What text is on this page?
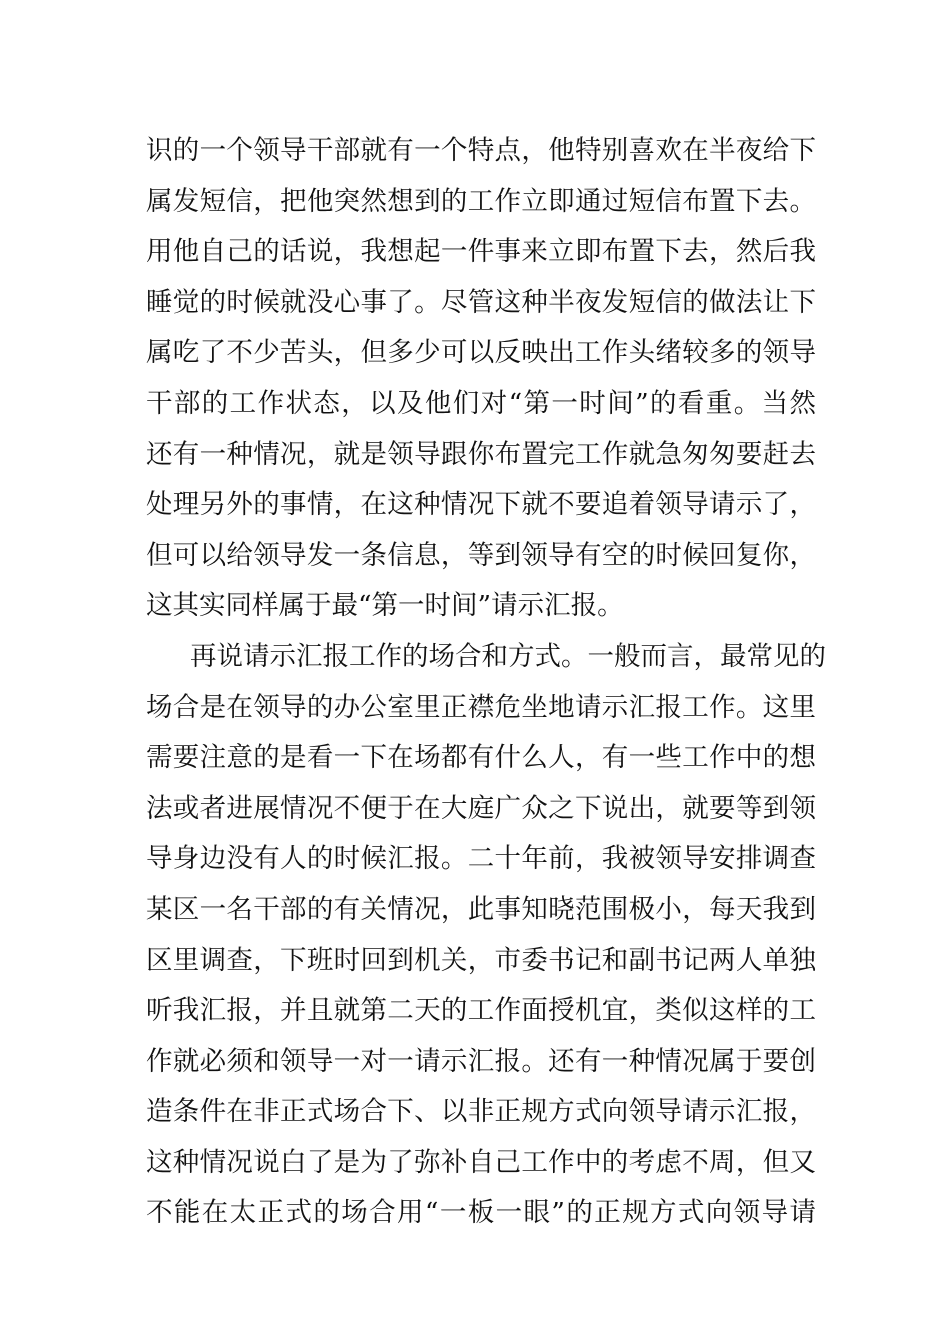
识的一个领导干部就有一个特点，他特别喜欢在半夜给下
属发短信，把他突然想到的工作立即通过短信布置下去。
用他自己的话说，我想起一件事来立即布置下去，然后我
睡觉的时候就没心事了。尽管这种半夜发短信的做法让下
属吃了不少苦头，但多少可以反映出工作头绪较多的领导
干部的工作状态，以及他们对“第一时间”的看重。当然
还有一种情况，就是领导跟你布置完工作就急匆匆要赶去
处理另外的事情，在这种情况下就不要追着领导请示了，
但可以给领导发一条信息，等到领导有空的时候回复你，
这其实同样属于最“第一时间”请示汇报。
再说请示汇报工作的场合和方式。一般而言，最常见的
场合是在领导的办公室里正襟危坐地请示汇报工作。这里
需要注意的是看一下在场都有什么人，有一些工作中的想
法或者进展情况不便于在大庭广众之下说出，就要等到领
导身边没有人的时候汇报。二十年前，我被领导安排调查
某区一名干部的有关情况，此事知晓范围极小，每天我到
区里调查，下班时回到机关，市委书记和副书记两人单独
听我汇报，并且就第二天的工作面授机宜，类似这样的工
作就必须和领导一对一请示汇报。还有一种情况属于要创
造条件在非正式场合下、以非正规方式向领导请示汇报，
这种情况说白了是为了弥补自己工作中的考虑不周，但又
不能在太正式的场合用“一板一眼”的正规方式向领导请
